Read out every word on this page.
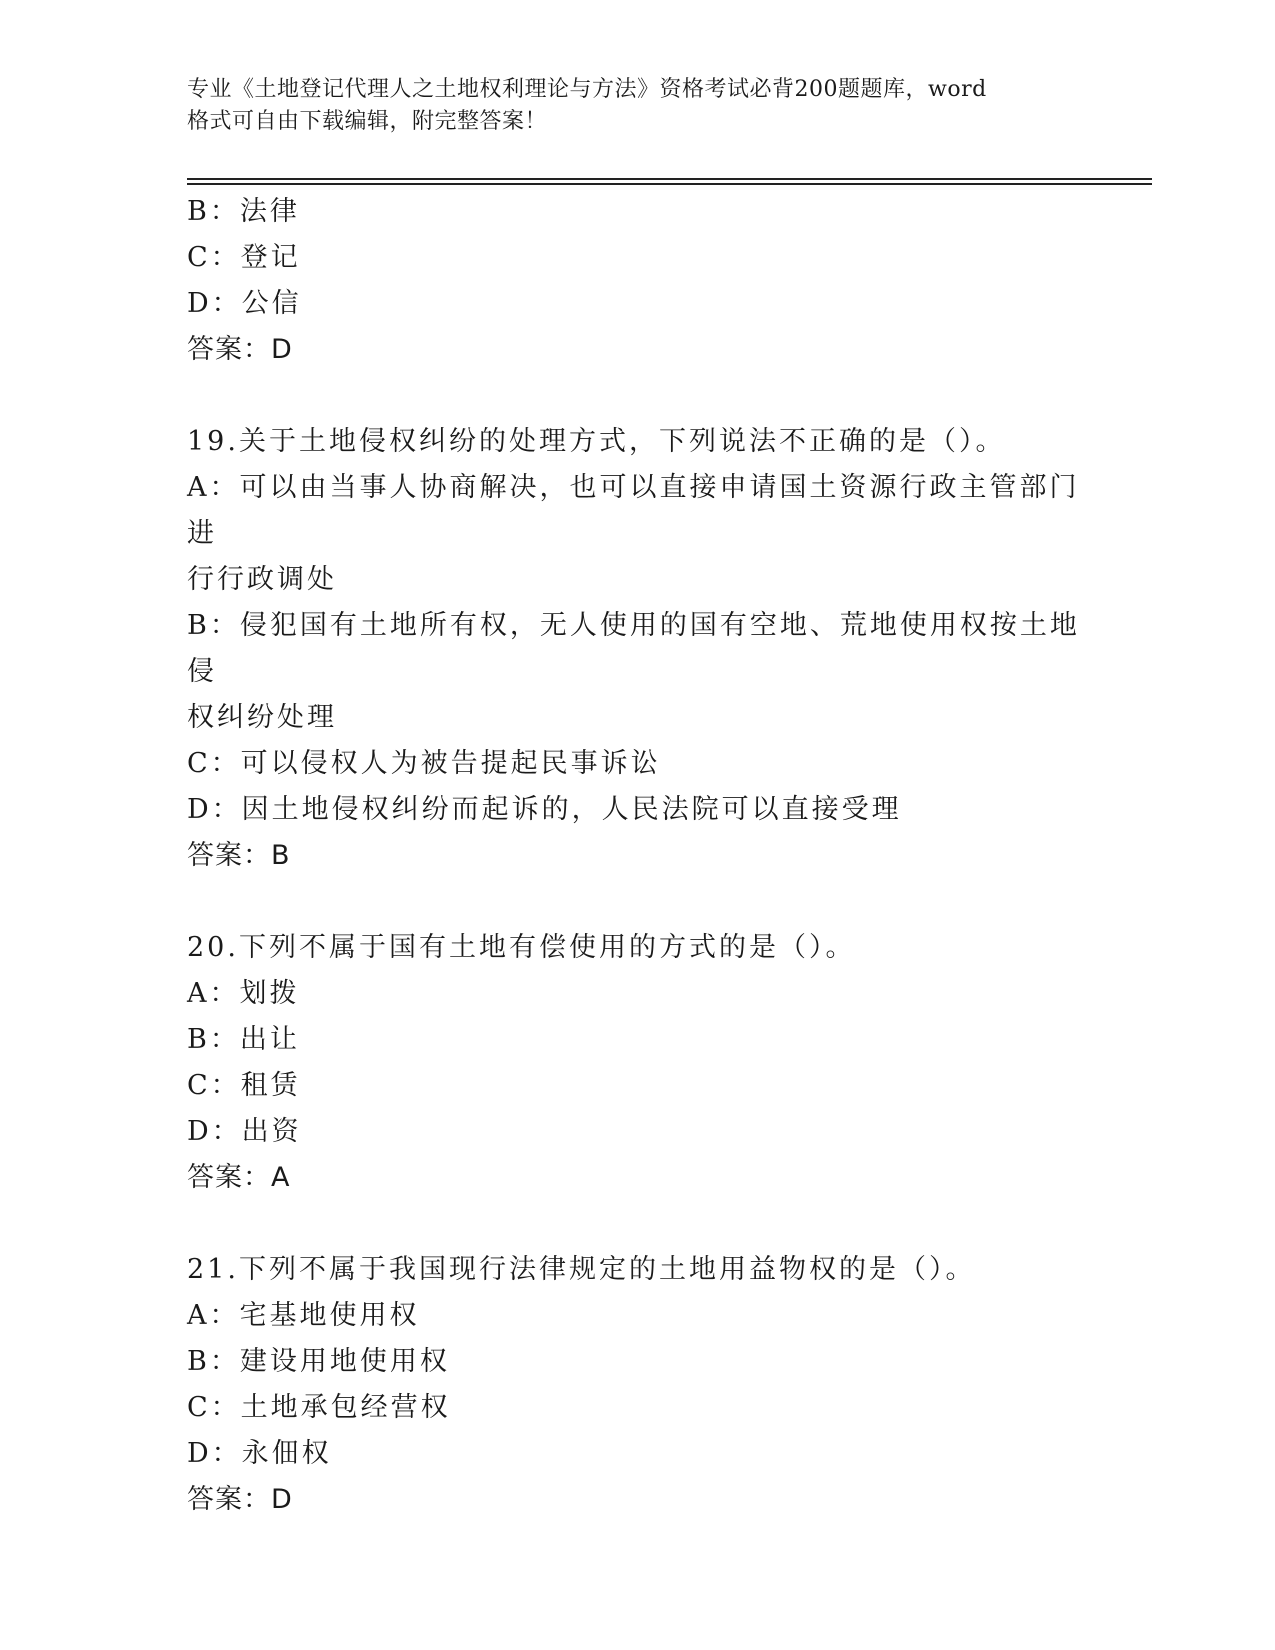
专业《土地登记代理人之土地权利理论与方法》资格考试必背200题题库，word

格式可自由下载编辑，附完整答案！

B：法律

C：登记

D：公信

答案：D

19.关于土地侵权纠纷的处理方式，下列说法不正确的是（）。

A：可以由当事人协商解决，也可以直接申请国土资源行政主管部门进

行行政调处

B：侵犯国有土地所有权，无人使用的国有空地、荒地使用权按土地侵

权纠纷处理

C：可以侵权人为被告提起民事诉讼

D：因土地侵权纠纷而起诉的，人民法院可以直接受理

答案：B

20.下列不属于国有土地有偿使用的方式的是（）。

A：划拨

B：出让

C：租赁

D：出资

答案：A

21.下列不属于我国现行法律规定的土地用益物权的是（）。

A：宅基地使用权

B：建设用地使用权

C：土地承包经营权

D：永佃权

答案：D
